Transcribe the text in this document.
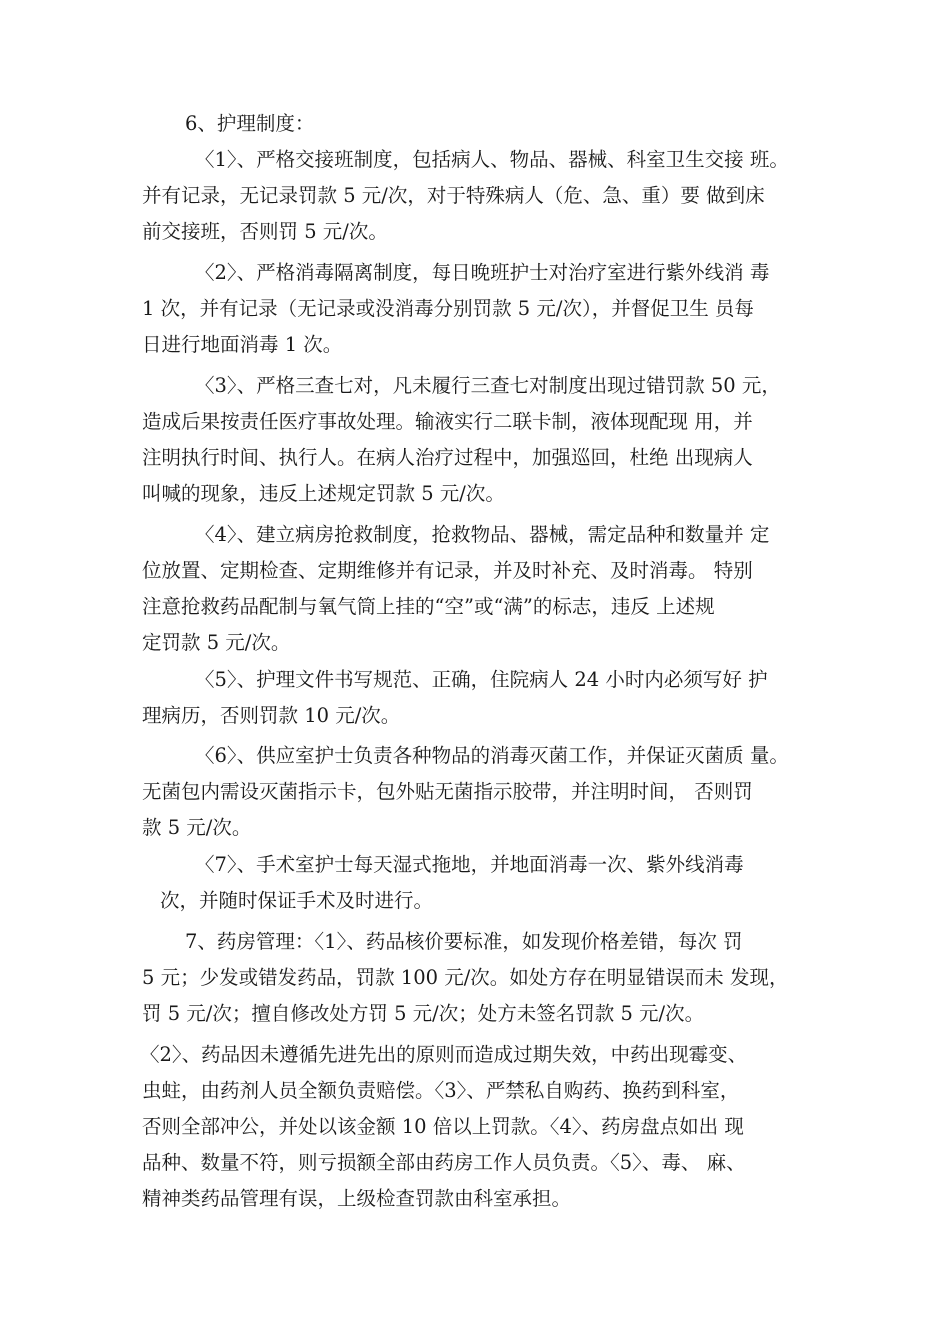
6、护理制度：
〈1〉、严格交接班制度，包括病人、物品、器械、科室卫生交接 班。
并有记录，无记录罚款 5 元/次，对于特殊病人（危、急、重）要 做到床
前交接班，否则罚 5 元/次。
〈2〉、严格消毒隔离制度，每日晚班护士对治疗室进行紫外线消 毒
1 次，并有记录（无记录或没消毒分别罚款 5 元/次），并督促卫生 员每
日进行地面消毒 1 次。
〈3〉、严格三查七对，凡未履行三查七对制度出现过错罚款 50 元，
造成后果按责任医疗事故处理。输液实行二联卡制，液体现配现 用，并
注明执行时间、执行人。在病人治疗过程中，加强巡回，杜绝 出现病人
叫喊的现象，违反上述规定罚款 5 元/次。
〈4〉、建立病房抢救制度，抢救物品、器械，需定品种和数量并 定
位放置、定期检查、定期维修并有记录，并及时补充、及时消毒。 特别
注意抢救药品配制与氧气筒上挂的“空”或“满”的标志，违反 上述规
定罚款 5 元/次。
〈5〉、护理文件书写规范、正确，住院病人 24 小时内必须写好 护
理病历，否则罚款 10 元/次。
〈6〉、供应室护士负责各种物品的消毒灭菌工作，并保证灭菌质 量。
无菌包内需设灭菌指示卡，包外贴无菌指示胶带，并注明时间， 否则罚
款 5 元/次。
〈7〉、手术室护士每天湿式拖地，并地面消毒一次、紫外线消毒
次，并随时保证手术及时进行。
7、药房管理：〈1〉、药品核价要标准，如发现价格差错，每次 罚
5 元；少发或错发药品，罚款 100 元/次。如处方存在明显错误而未 发现，
罚 5 元/次；擅自修改处方罚 5 元/次；处方未签名罚款 5 元/次。
〈2〉、药品因未遵循先进先出的原则而造成过期失效，中药出现霉变、
虫蛀，由药剂人员全额负责赔偿。〈3〉、严禁私自购药、换药到科室，
否则全部冲公，并处以该金额 10 倍以上罚款。〈4〉、药房盘点如出 现
品种、数量不符，则亏损额全部由药房工作人员负责。〈5〉、毒、 麻、
精神类药品管理有误，上级检查罚款由科室承担。
